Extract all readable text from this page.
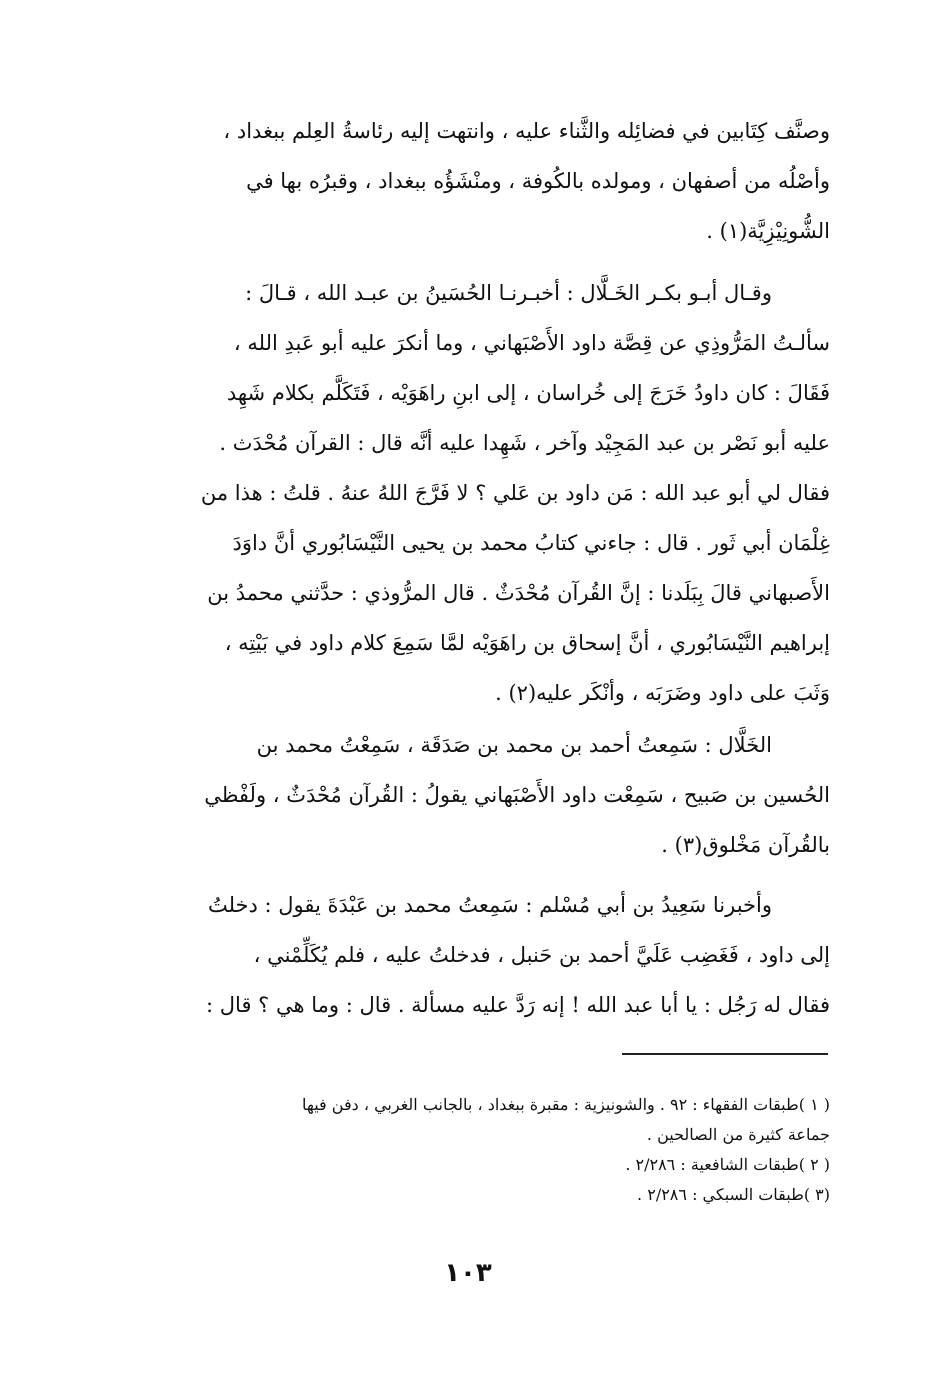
وصنَّف كِتَابين في فضائِله والثَّناء عليه ، وانتهت إليه رئاسةُ العِلم ببغداد ،
وأصْلُه من أصفهان ، ومولده بالكُوفة ، ومنْشَؤُه ببغداد ، وقبرُه بها في
الشُّونِيْزِيَّة(١) .
وقـال أبـو بكـر الخَـلَّال : أخبـرنـا الحُسَينُ بن عبـد الله ، قـالَ :
سألـتُ المَرُّوذِي عن قِصَّة داود الأَصْبَهاني ، وما أنكرَ عليه أبو عَبدِ الله ،
فَقَالَ : كان داودُ خَرَجَ إلى خُراسان ، إلى ابنِ راهَوَيْه ، فَتَكَلَّم بكلام شَهِد
عليه أبو نَصْر بن عبد المَجِيْد وآخر ، شَهِدا عليه أنَّه قال : القرآن مُحْدَث .
فقال لي أبو عبد الله : مَن داود بن عَلي ؟ لا فَرَّجَ اللهُ عنهُ . قلتُ : هذا من
غِلْمَان أبي ثَور . قال : جاءني كتابُ محمد بن يحيى النَّيْسَابُوري أنَّ داوَدَ
الأَصبهاني قالَ بِبَلَدنا : إنَّ القُرآن مُحْدَثٌ . قال المرُّوذي : حدَّثني محمدُ بن
إبراهيم النَّيْسَابُوري ، أنَّ إسحاق بن راهَوَيْه لمَّا سَمِعَ كلام داود في بَيْتِه ،
وَثَبَ على داود وضَرَبَه ، وأنْكَر عليه(٢) .
الخَلَّال : سَمِعتُ أحمد بن محمد بن صَدَقَة ، سَمِعْتُ محمد بن
الحُسين بن صَبيح ، سَمِعْت داود الأَصْبَهاني يقولُ : القُرآن مُحْدَثٌ ، ولَفْظي
بالقُرآن مَخْلوق(٣) .
وأخبرنا سَعِيدُ بن أبي مُسْلم : سَمِعتُ محمد بن عَبْدَةَ يقول : دخلتُ
إلى داود ، فَغَضِب عَلَيَّ أحمد بن حَنبل ، فدخلتُ عليه ، فلم يُكَلِّمْني ،
فقال له رَجُل : يا أبا عبد الله ! إنه رَدَّ عليه مسألة . قال : وما هي ؟ قال :
( ١ )طبقات الفقهاء : ٩٢ . والشونيزية : مقبرة ببغداد ، بالجانب الغربي ، دفن فيها
جماعة كثيرة من الصالحين .
( ٢ )طبقات الشافعية : ٢/٢٨٦ .
(٣ )طبقات السبكي : ٢/٢٨٦ .
١٠٣
